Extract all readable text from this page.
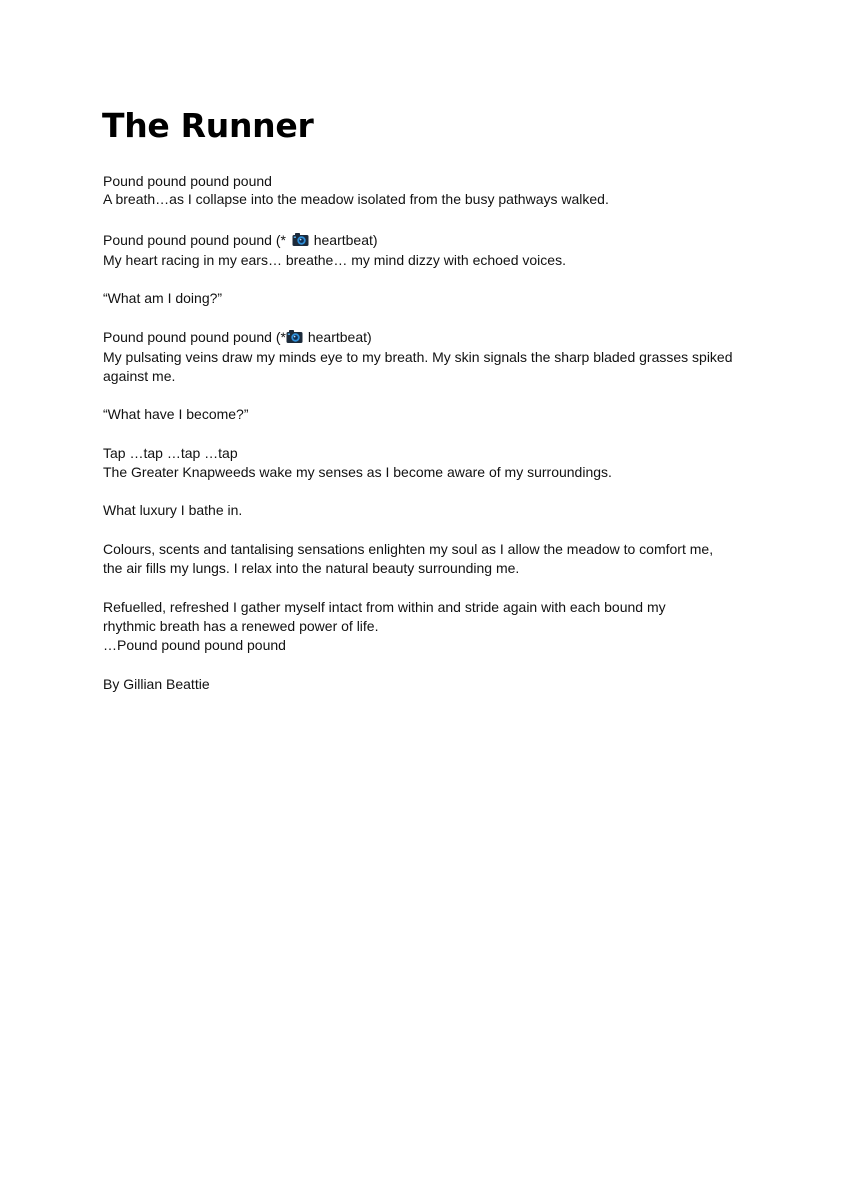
The Runner
Pound pound pound pound
A breath…as I collapse into the meadow isolated from the busy pathways walked.
Pound pound pound pound (* heartbeat)
My heart racing in my ears… breathe… my mind dizzy with echoed voices.
“What am I doing?”
Pound pound pound pound (* heartbeat)
My pulsating veins draw my minds eye to my breath. My skin signals the sharp bladed grasses spiked
against me.
“What have I become?”
Tap …tap …tap …tap
The Greater Knapweeds wake my senses as I become aware of my surroundings.
What luxury I bathe in.
Colours, scents and tantalising sensations enlighten my soul as I allow the meadow to comfort me,
the air fills my lungs. I relax into the natural beauty surrounding me.
Refuelled, refreshed I gather myself intact from within and stride again with each bound my
rhythmic breath has a renewed power of life.
…Pound pound pound pound
By Gillian Beattie
